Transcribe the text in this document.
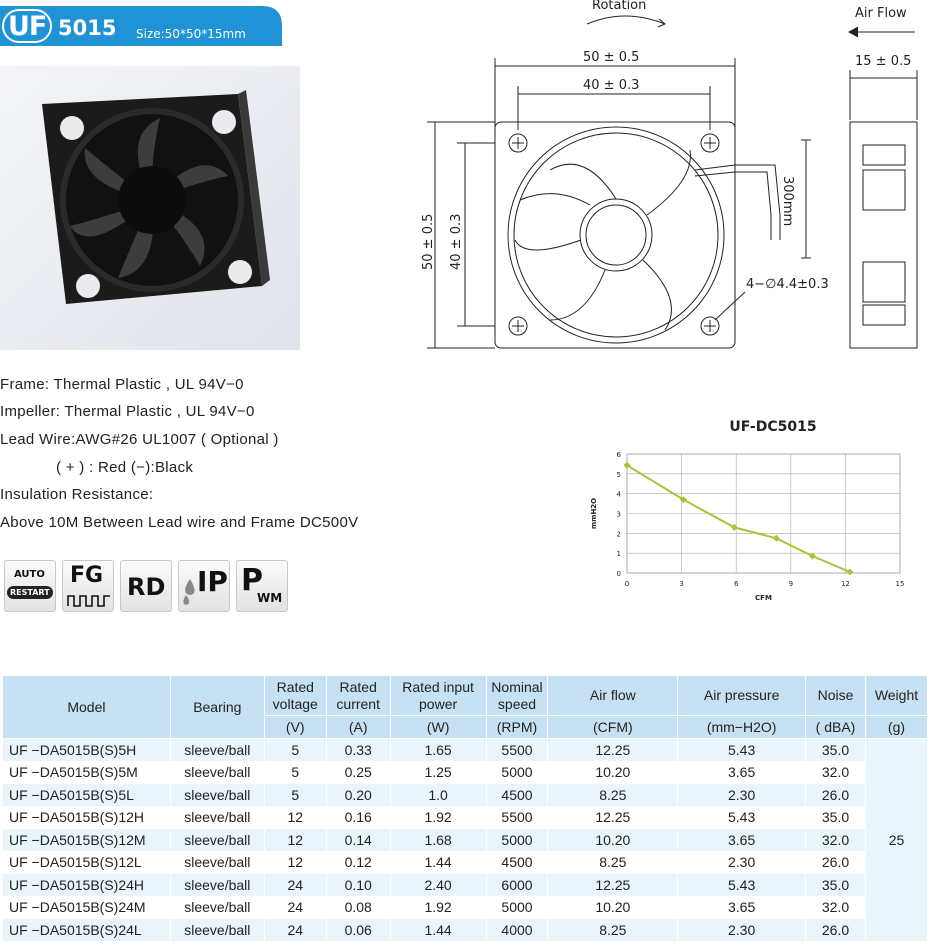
UF 5015 Size:50*50*15mm
Rotation
Air Flow
50 ± 0.5
40 ± 0.3
50 ± 0.5 40 ± 0.3
15 ± 0.5
300mm
4−∅4.4±0.3
Frame: Thermal Plastic , UL 94V−0
Impeller: Thermal Plastic , UL 94V−0
Lead Wire:AWG#26 UL1007 ( Optional )
( + ) : Red (−):Black
Insulation Resistance:
Above 10M Between Lead wire and Frame DC500V
AUTO
RESTART
FG RD IP P
WM
UF-DC5015
0
1
2
3
4
5
6
0	3	6	9	12	15
CFM
mmH2O
Model	Bearing	Rated voltage	Rated current	Rated input power	Nominal speed	Air flow	Air pressure	Noise	Weight
		(V)	(A)	(W)	(RPM)	(CFM)	(mm−H2O)	( dBA)	(g)
UF −DA5015B(S)5H	sleeve/ball	5	0.33	1.65	5500	12.25	5.43	35.0	25
UF −DA5015B(S)5M	sleeve/ball	5	0.25	1.25	5000	10.20	3.65	32.0	
UF −DA5015B(S)5L	sleeve/ball	5	0.20	1.0	4500	8.25	2.30	26.0	
UF −DA5015B(S)12H	sleeve/ball	12	0.16	1.92	5500	12.25	5.43	35.0	
UF −DA5015B(S)12M	sleeve/ball	12	0.14	1.68	5000	10.20	3.65	32.0	
UF −DA5015B(S)12L	sleeve/ball	12	0.12	1.44	4500	8.25	2.30	26.0	
UF −DA5015B(S)24H	sleeve/ball	24	0.10	2.40	6000	12.25	5.43	35.0	
UF −DA5015B(S)24M	sleeve/ball	24	0.08	1.92	5000	10.20	3.65	32.0	
UF −DA5015B(S)24L	sleeve/ball	24	0.06	1.44	4000	8.25	2.30	26.0	
